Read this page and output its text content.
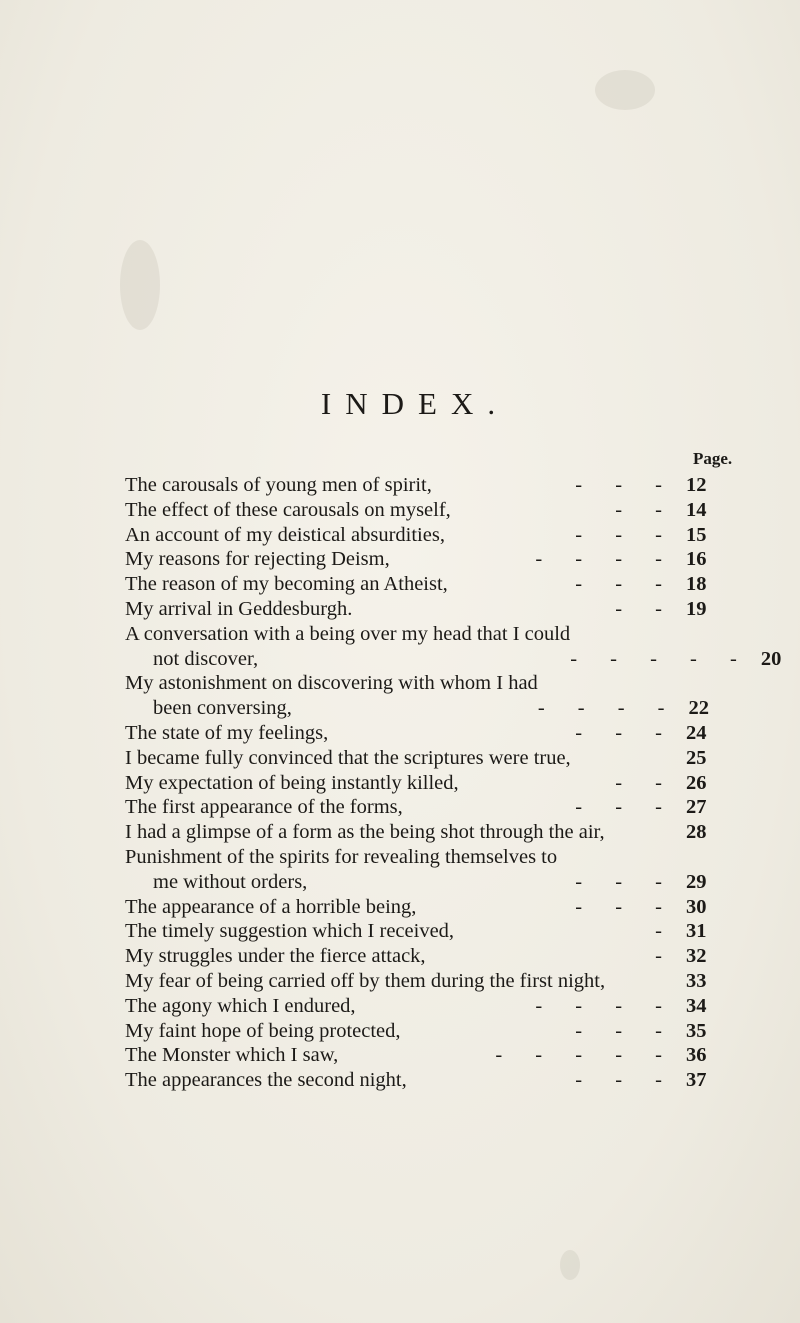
INDEX.
Page.
The carousals of young men of spirit,	- - - 12
The effect of these carousals on myself,	- - 14
An account of my deistical absurdities,	- - - 15
My reasons for rejecting Deism,	- - - - 16
The reason of my becoming an Atheist,	- - - 18
My arrival in Geddesburgh.	- - 19
A conversation with a being over my head that I could
not discover,	- - - - - 20
My astonishment on discovering with whom I had
been conversing,	- - - - 22
The state of my feelings,	- - - 24
I became fully convinced that the scriptures were true,	25
My expectation of being instantly killed,	- - 26
The first appearance of the forms,	- - - 27
I had a glimpse of a form as the being shot through the air,	28
Punishment of the spirits for revealing themselves to
me without orders,	- - - 29
The appearance of a horrible being,	- - - 30
The timely suggestion which I received,	- 31
My struggles under the fierce attack,	- 32
My fear of being carried off by them during the first night,	33
The agony which I endured,	- - - - 34
My faint hope of being protected,	- - - 35
The Monster which I saw,	- - - - - 36
The appearances the second night,	- - - 37
